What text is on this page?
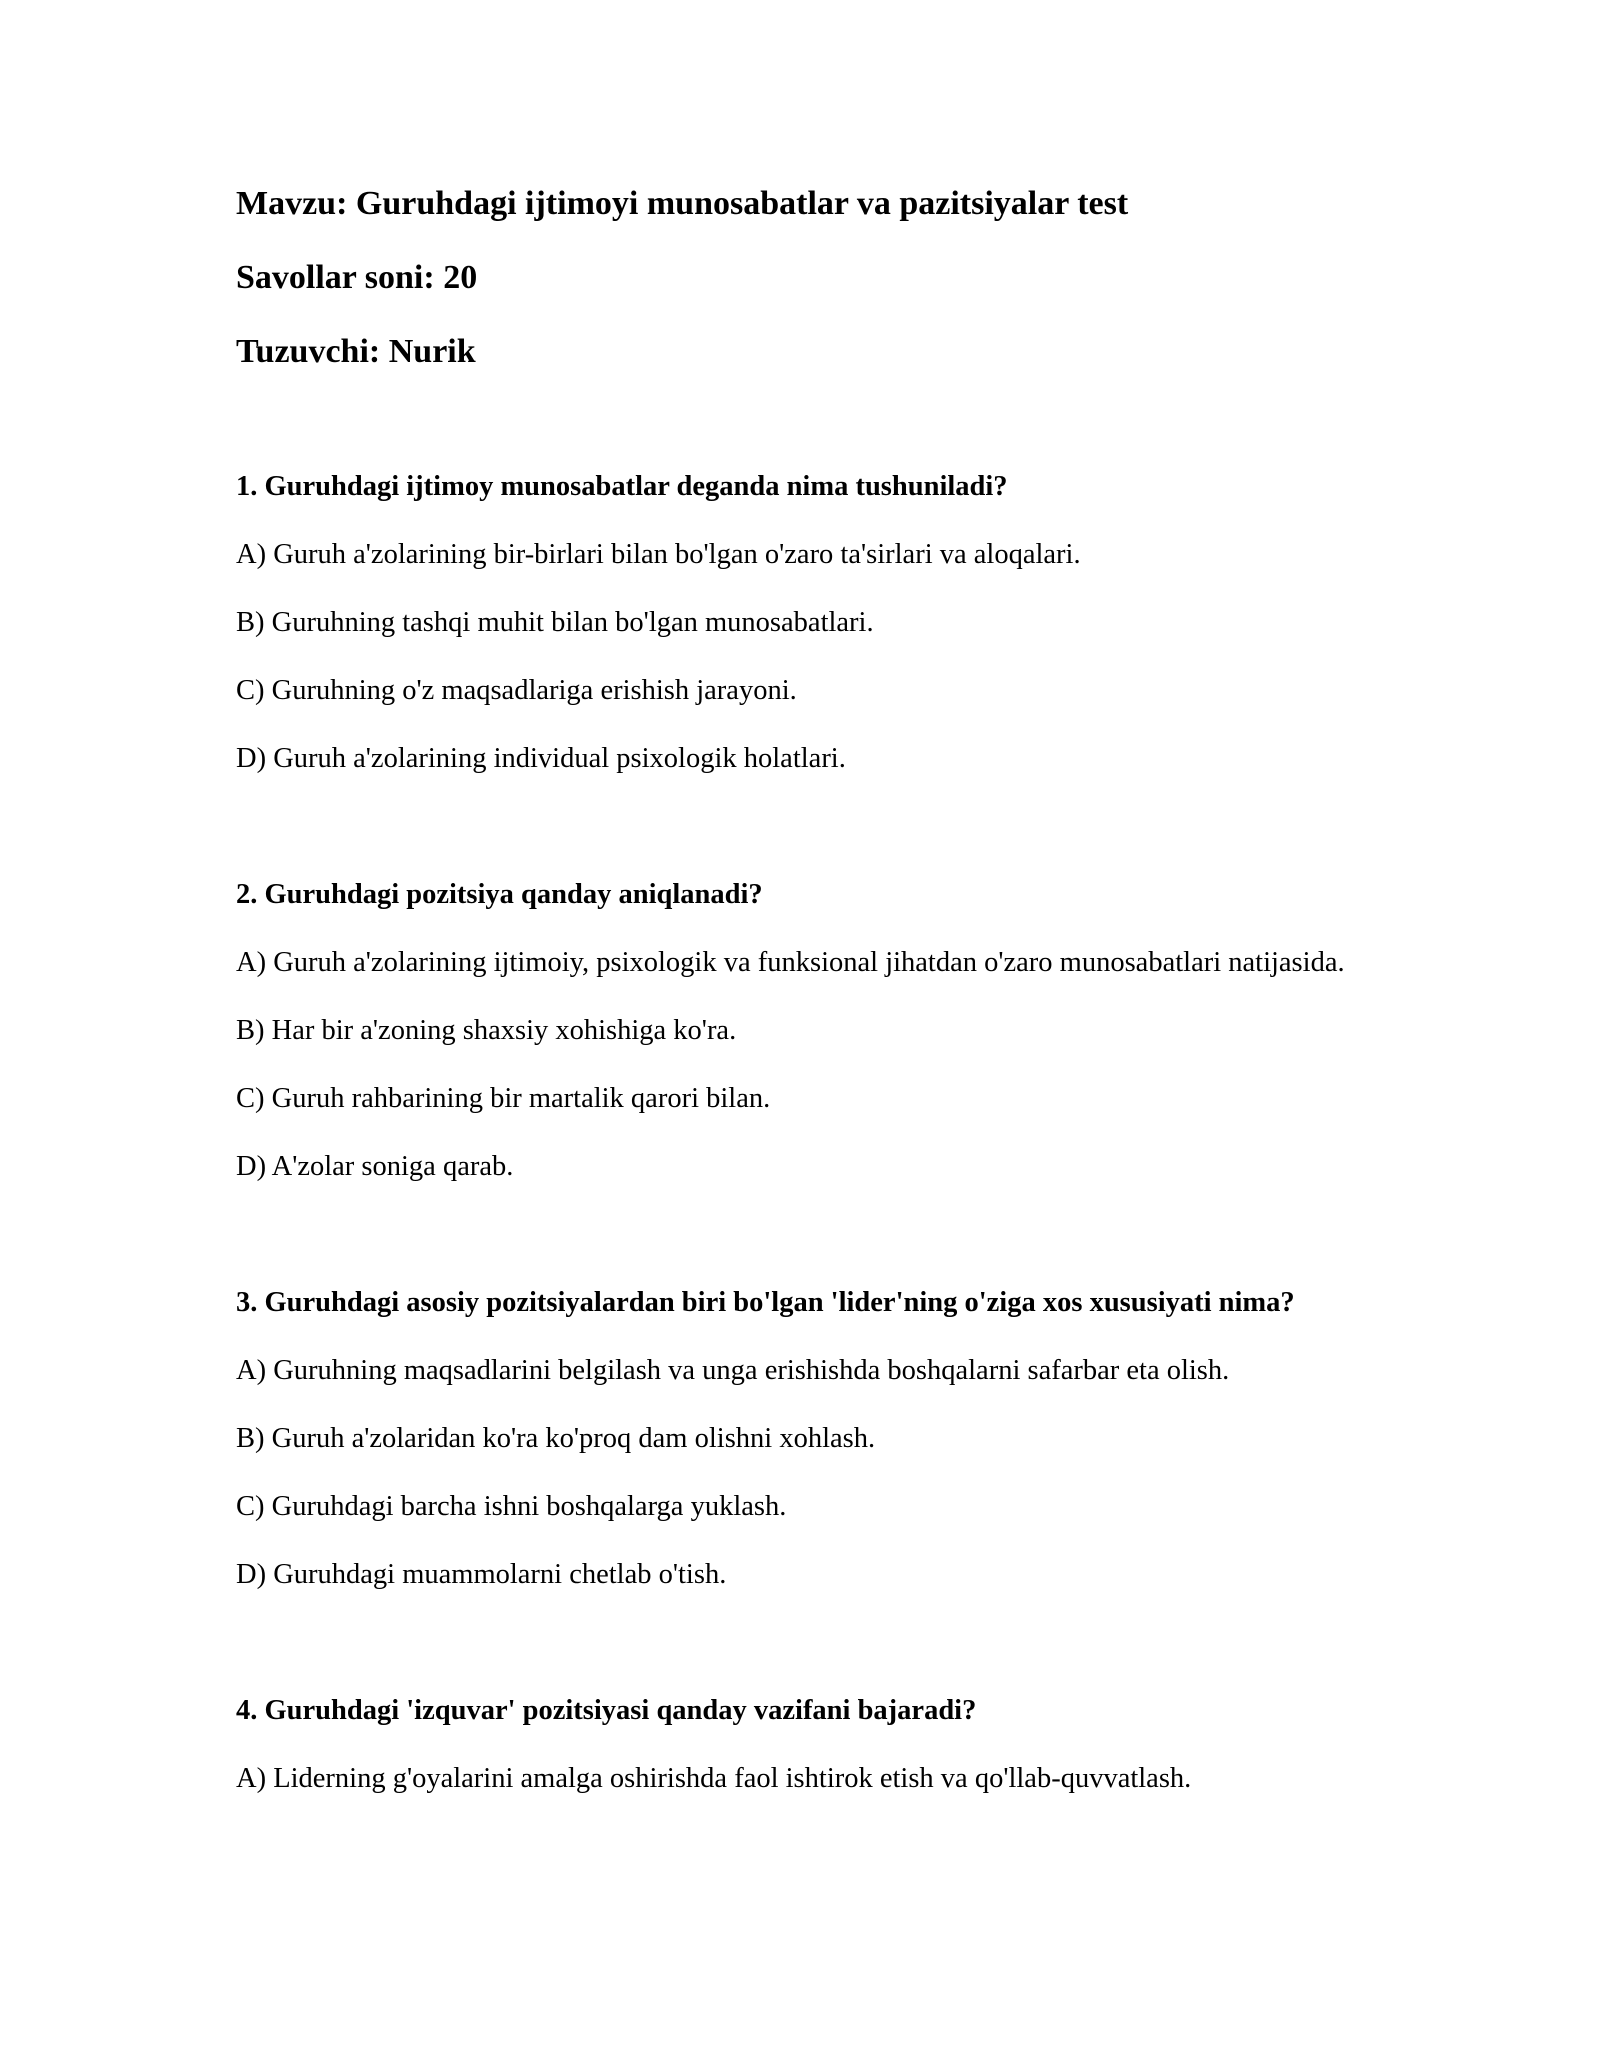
Mavzu: Guruhdagi ijtimoyi munosabatlar va pazitsiyalar test
Savollar soni: 20
Tuzuvchi: Nurik
1. Guruhdagi ijtimoy munosabatlar deganda nima tushuniladi?
A) Guruh a'zolarining bir-birlari bilan bo'lgan o'zaro ta'sirlari va aloqalari.
B) Guruhning tashqi muhit bilan bo'lgan munosabatlari.
C) Guruhning o'z maqsadlariga erishish jarayoni.
D) Guruh a'zolarining individual psixologik holatlari.
2. Guruhdagi pozitsiya qanday aniqlanadi?
A) Guruh a'zolarining ijtimoiy, psixologik va funksional jihatdan o'zaro munosabatlari natijasida.
B) Har bir a'zoning shaxsiy xohishiga ko'ra.
C) Guruh rahbarining bir martalik qarori bilan.
D) A'zolar soniga qarab.
3. Guruhdagi asosiy pozitsiyalardan biri bo'lgan 'lider'ning o'ziga xos xususiyati nima?
A) Guruhning maqsadlarini belgilash va unga erishishda boshqalarni safarbar eta olish.
B) Guruh a'zolaridan ko'ra ko'proq dam olishni xohlash.
C) Guruhdagi barcha ishni boshqalarga yuklash.
D) Guruhdagi muammolarni chetlab o'tish.
4. Guruhdagi 'izquvar' pozitsiyasi qanday vazifani bajaradi?
A) Liderning g'oyalarini amalga oshirishda faol ishtirok etish va qo'llab-quvvatlash.
